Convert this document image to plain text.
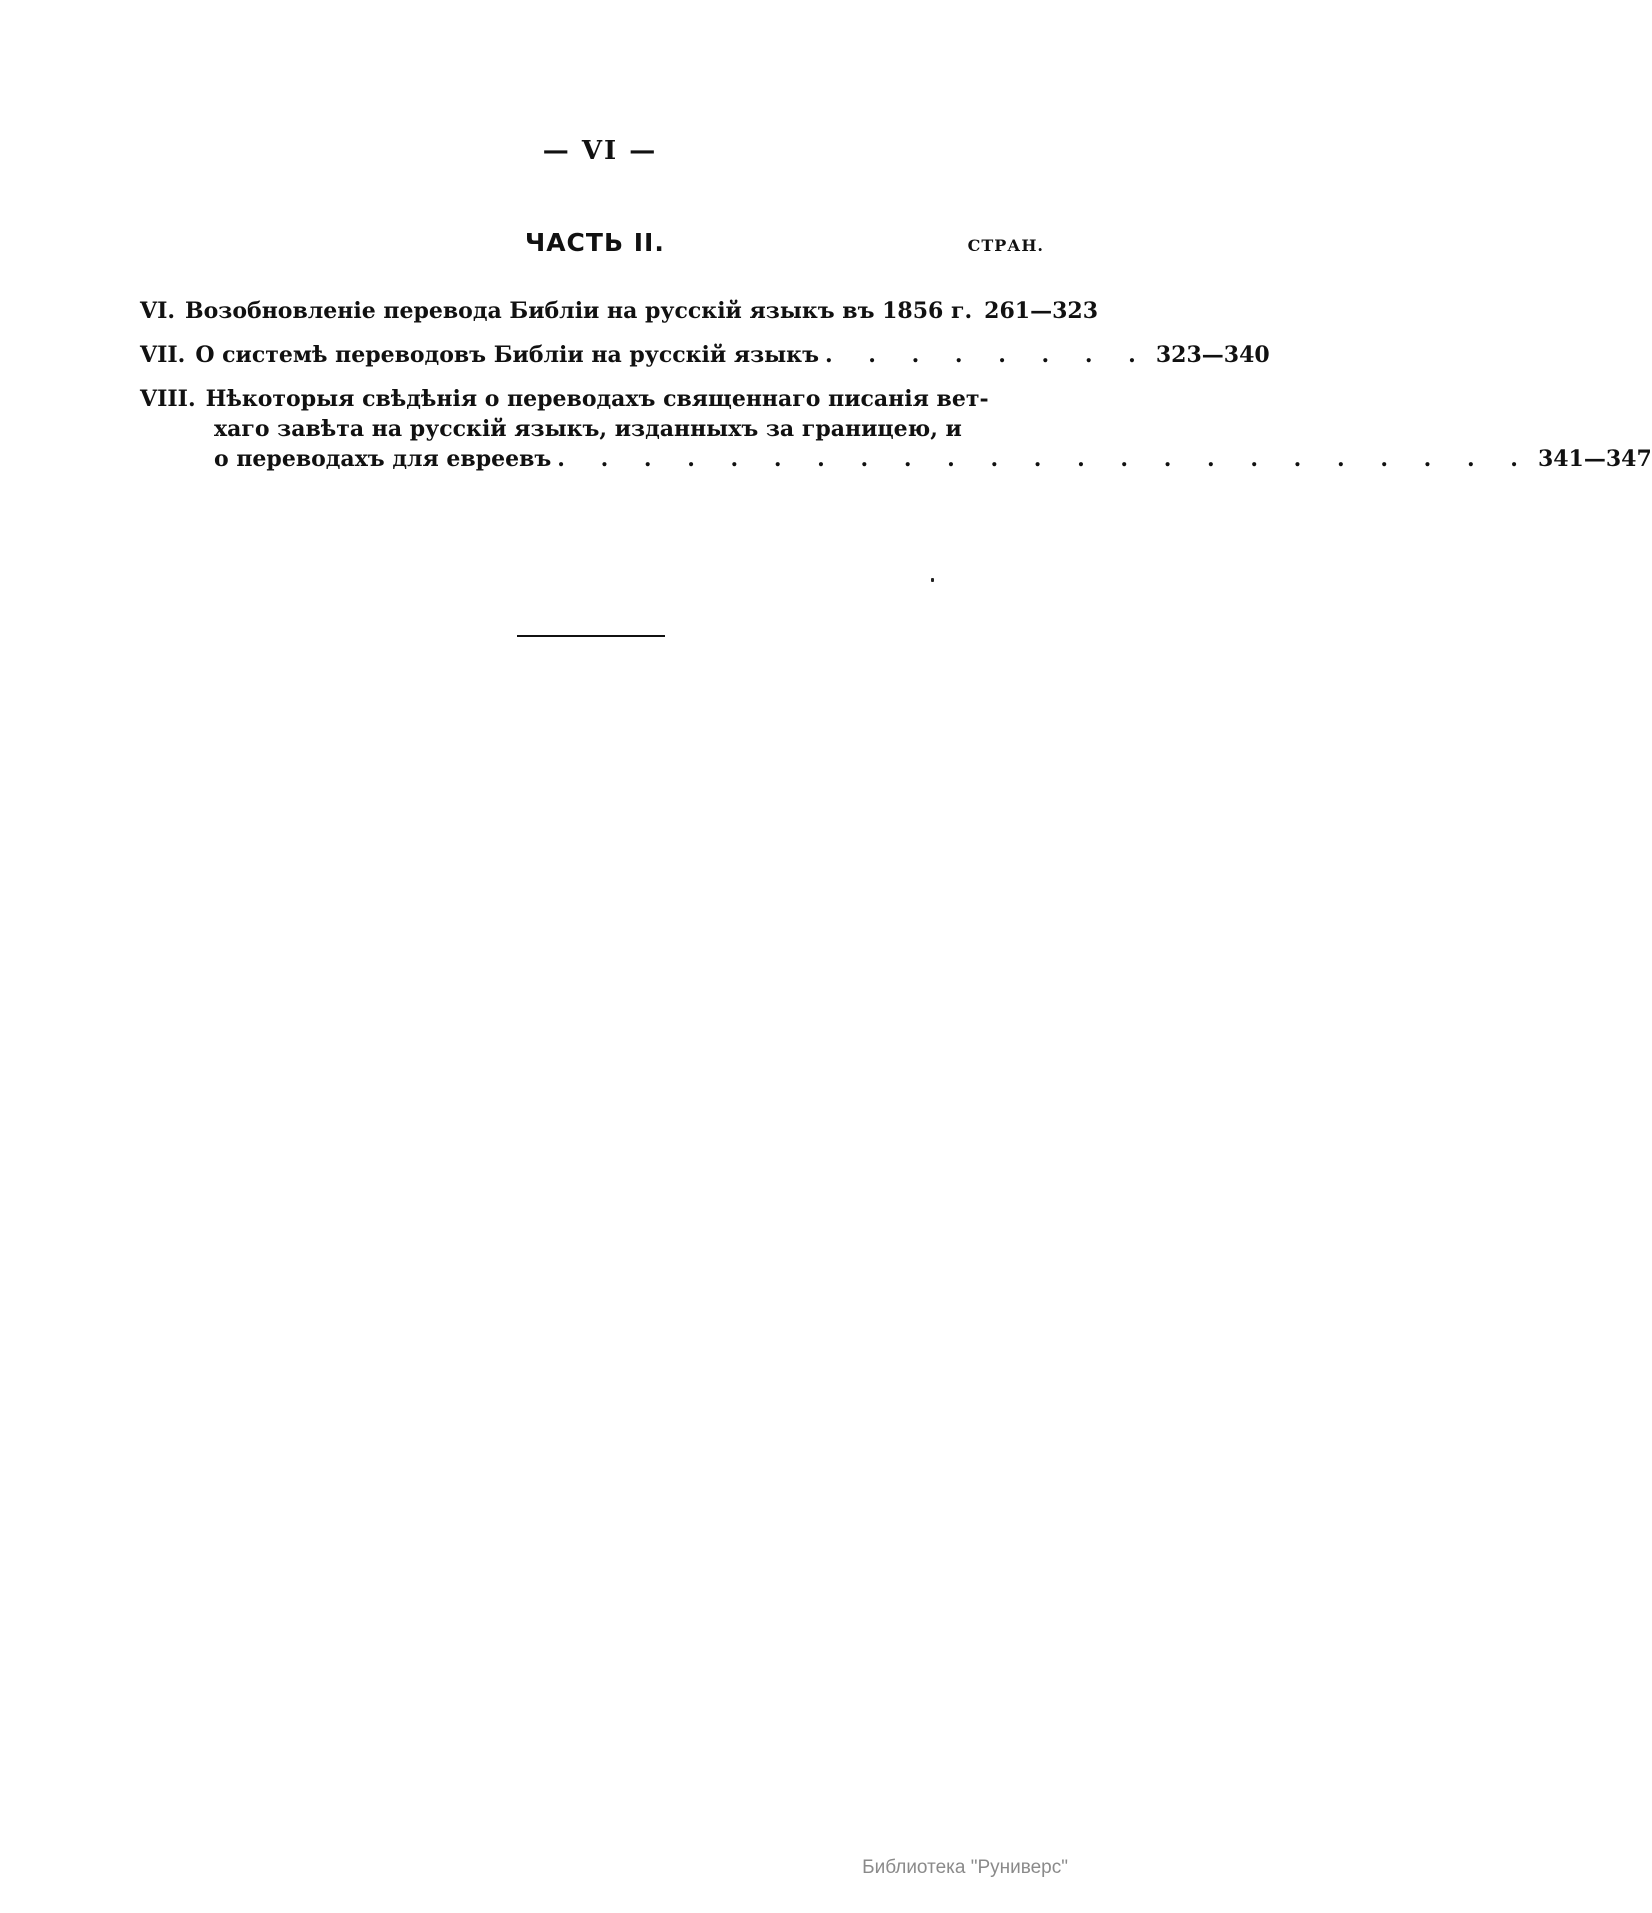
— VI —
ЧАСТЬ II.	СТРАН.
VI. Возобновленіе перевода Библіи на русскій языкъ въ 1856 г. 261—323
VII. О системѣ переводовъ Библіи на русскій языкъ . . . . . . . . 323—340
VIII. Нѣкоторыя свѣдѣнія о переводахъ священнаго писанія вет-
хаго завѣта на русскій языкъ, изданныхъ за границею, и
о переводахъ для евреевъ . . . . . . . . . . . . . . . . . . . . . . . 341—347
Библиотека "Руниверс"
